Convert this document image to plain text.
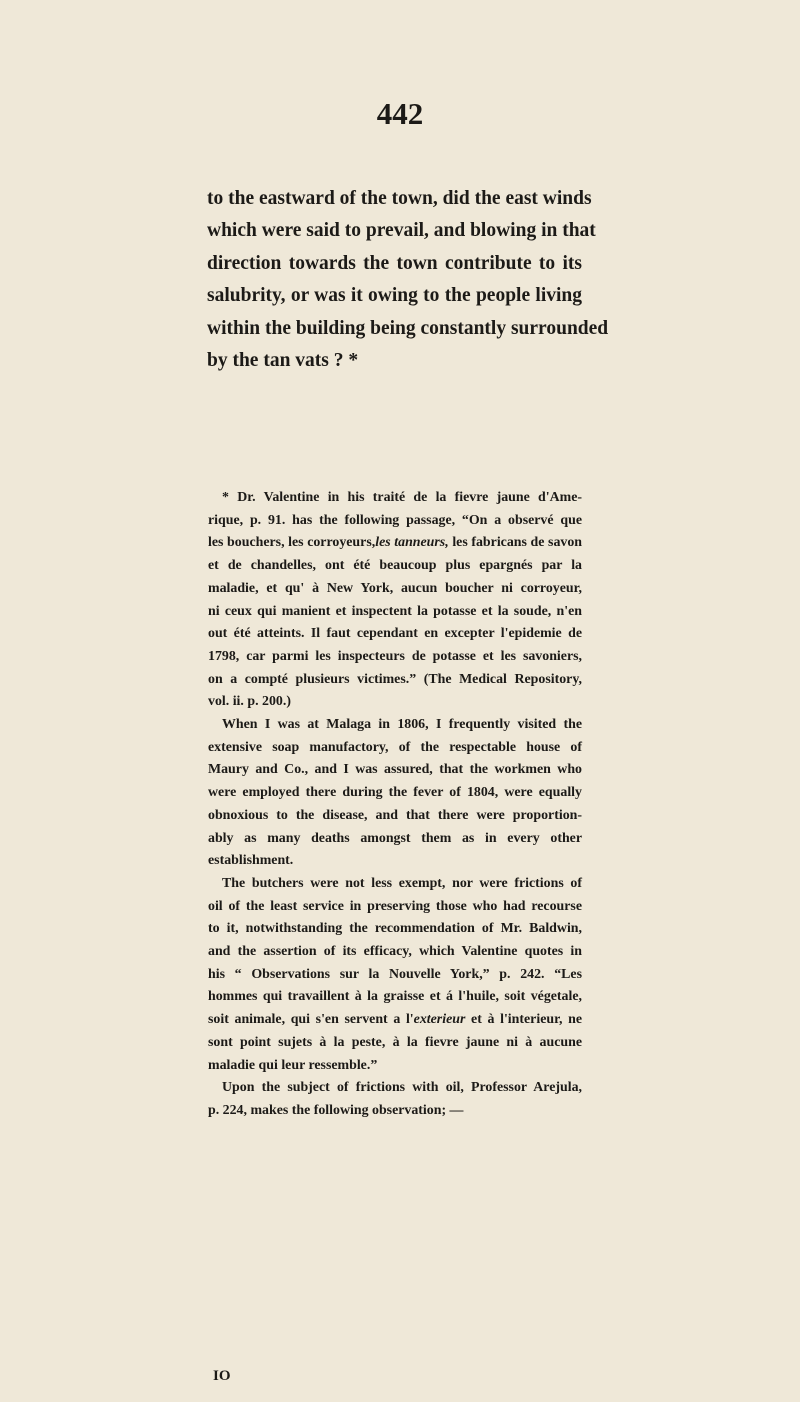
442
to the eastward of the town, did the east winds
which were said to prevail, and blowing in that
direction towards the town contribute to its
salubrity, or was it owing to the people living
within the building being constantly surrounded
by the tan vats ? *
* Dr. Valentine in his traité de la fievre jaune d'Ame-
rique, p. 91. has the following passage, “On a observé que
les bouchers, les corroyeurs,les tanneurs, les fabricans de savon
et de chandelles, ont été beaucoup plus epargnés par la
maladie, et qu' à New York, aucun boucher ni corroyeur,
ni ceux qui manient et inspectent la potasse et la soude, n'en
out été atteints. Il faut cependant en excepter l'epidemie de
1798, car parmi les inspecteurs de potasse et les savoniers,
on a compté plusieurs victimes.” (The Medical Repository,
vol. ii. p. 200.)
When I was at Malaga in 1806, I frequently visited the
extensive soap manufactory, of the respectable house of
Maury and Co., and I was assured, that the workmen who
were employed there during the fever of 1804, were equally
obnoxious to the disease, and that there were proportion-
ably as many deaths amongst them as in every other
establishment.
The butchers were not less exempt, nor were frictions of
oil of the least service in preserving those who had recourse
to it, notwithstanding the recommendation of Mr. Baldwin,
and the assertion of its efficacy, which Valentine quotes in
his “ Observations sur la Nouvelle York,” p. 242. “Les
hommes qui travaillent à la graisse et á l'huile, soit végetale,
soit animale, qui s'en servent a l'exterieur et à l'interieur, ne
sont point sujets à la peste, à la fievre jaune ni à aucune
maladie qui leur ressemble.”
Upon the subject of frictions with oil, Professor Arejula,
p. 224, makes the following observation; —
IO
